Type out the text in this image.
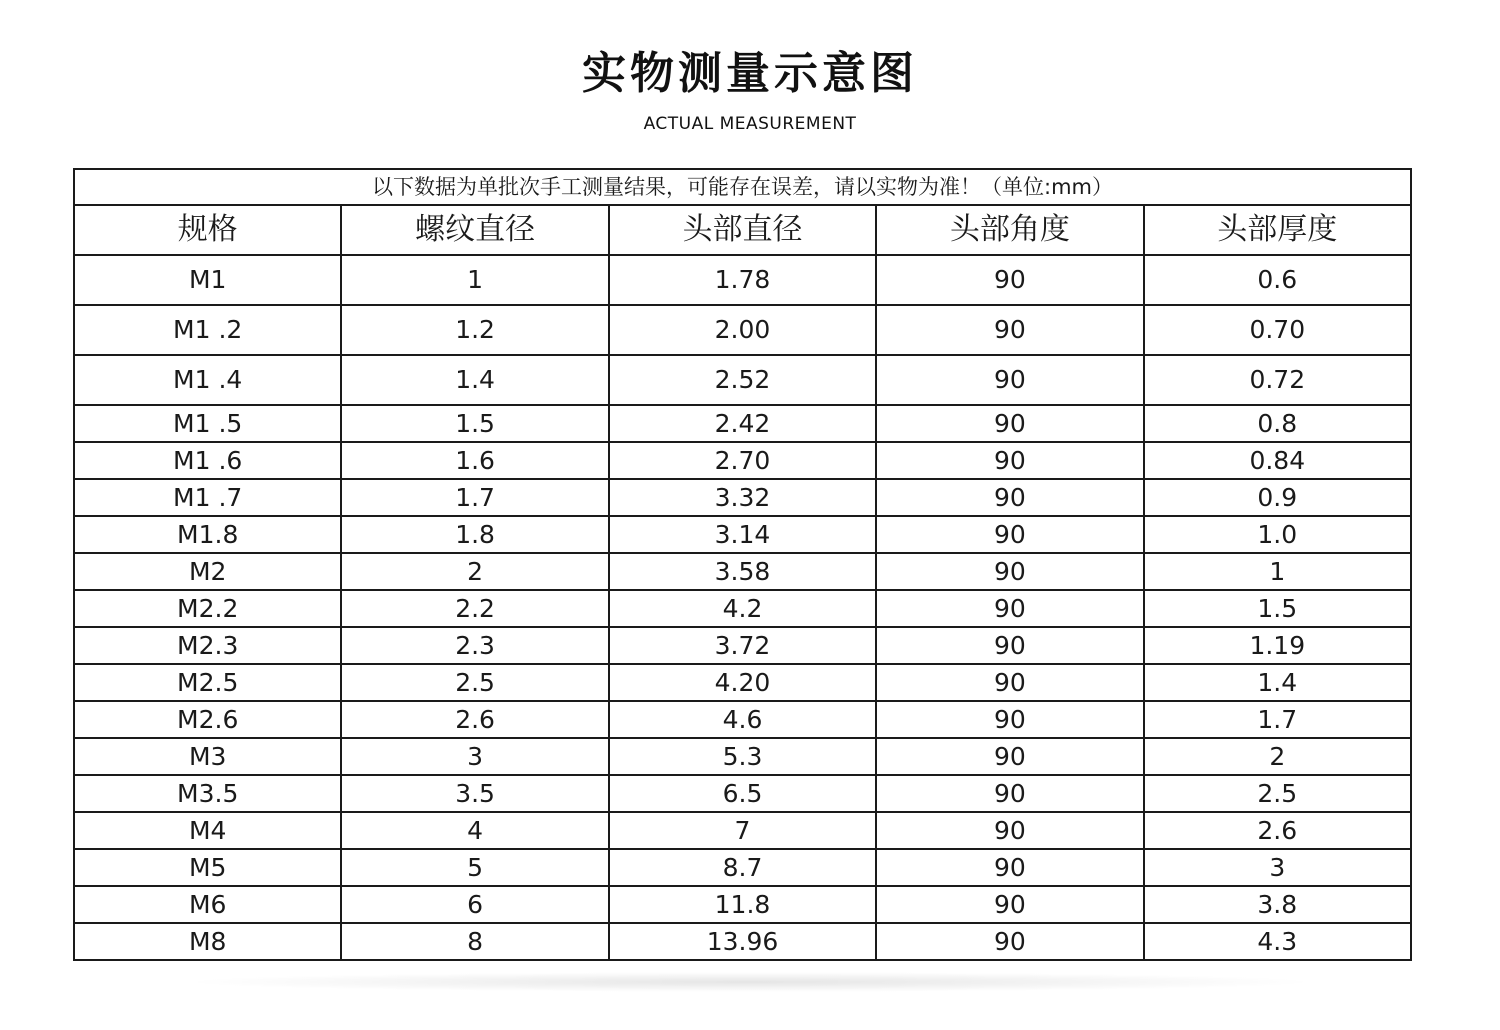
实物测量示意图
ACTUAL MEASUREMENT
以下数据为单批次手工测量结果，可能存在误差，请以实物为准！（单位:mm）				
规格	螺纹直径	头部直径	头部角度	头部厚度
M1	1	1.78	90	0.6
M1 .2	1.2	2.00	90	0.70
M1 .4	1.4	2.52	90	0.72
M1 .5	1.5	2.42	90	0.8
M1 .6	1.6	2.70	90	0.84
M1 .7	1.7	3.32	90	0.9
M1.8	1.8	3.14	90	1.0
M2	2	3.58	90	1
M2.2	2.2	4.2	90	1.5
M2.3	2.3	3.72	90	1.19
M2.5	2.5	4.20	90	1.4
M2.6	2.6	4.6	90	1.7
M3	3	5.3	90	2
M3.5	3.5	6.5	90	2.5
M4	4	7	90	2.6
M5	5	8.7	90	3
M6	6	11.8	90	3.8
M8	8	13.96	90	4.3
